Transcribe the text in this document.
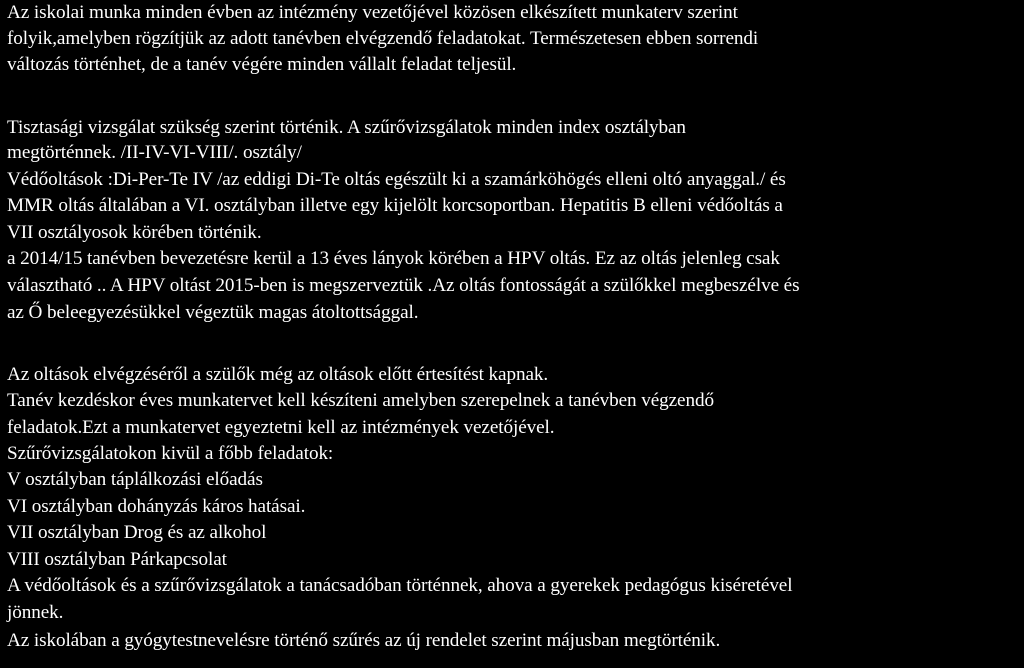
Az iskolai munka minden évben az intézmény vezetőjével közösen elkészített munkaterv szerint
folyik,amelyben rögzítjük az adott tanévben elvégzendő feladatokat. Természetesen ebben sorrendi
változás történhet, de a tanév végére minden vállalt feladat teljesül.
Tisztasági vizsgálat szükség szerint történik. A szűrővizsgálatok minden index osztályban
megtörténnek. /II-IV-VI-VIII/. osztály/
Védőoltások :Di-Per-Te IV /az eddigi Di-Te oltás egészült ki a szamárköhögés elleni oltó anyaggal./ és
MMR oltás általában a VI. osztályban illetve egy kijelölt korcsoportban. Hepatitis B elleni védőoltás a
VII osztályosok körében történik.
a 2014/15 tanévben bevezetésre kerül a 13 éves lányok körében a HPV oltás. Ez az oltás jelenleg csak
választható .. A HPV oltást 2015-ben is megszerveztük .Az oltás fontosságát a szülőkkel megbeszélve és
az Ő beleegyezésükkel végeztük magas átoltottsággal.
Az oltások elvégzéséről a szülők még az oltások előtt értesítést kapnak.
Tanév kezdéskor éves munkatervet kell készíteni amelyben szerepelnek a tanévben végzendő
feladatok.Ezt a munkatervet egyeztetni kell az intézmények vezetőjével.
Szűrővizsgálatokon kivül a főbb feladatok:
V osztályban táplálkozási előadás
VI osztályban dohányzás káros hatásai.
VII osztályban Drog és az alkohol
VIII osztályban Párkapcsolat
A védőoltások és a szűrővizsgálatok a tanácsadóban történnek, ahova a gyerekek pedagógus kiséretével
jönnek.
Az iskolában a gyógytestnevelésre történő szűrés az új rendelet szerint májusban megtörténik.
